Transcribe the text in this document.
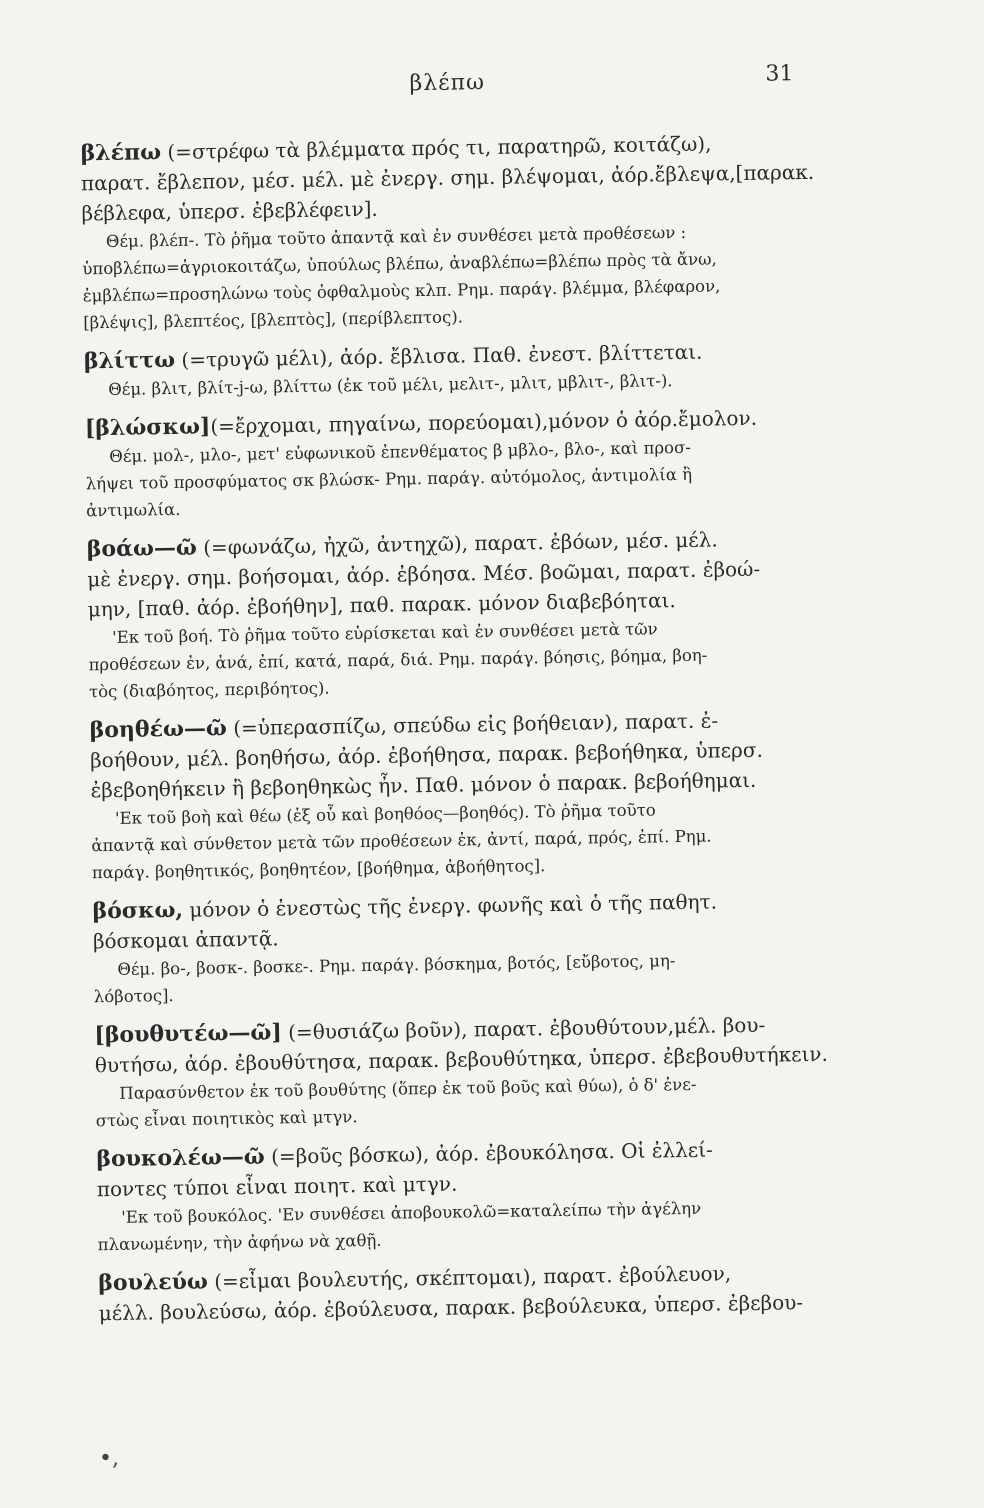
βλέπω	31
βλέπω (=στρέφω τὰ βλέμματα πρός τι, παρατηρῶ, κοιτάζω),
παρατ. ἔβλεπον, μέσ. μέλ. μὲ ἐνεργ. σημ. βλέψομαι, ἀόρ.ἔβλεψα,[παρακ.
βέβλεφα, ὑπερσ. ἐβεβλέφειν].
Θέμ. βλέπ-. Τὸ ῥῆμα τοῦτο ἀπαντᾷ καὶ ἐν συνθέσει μετὰ προθέσεων :
ὑποβλέπω=ἀγριοκοιτάζω, ὑπούλως βλέπω, ἀναβλέπω=βλέπω πρὸς τὰ ἄνω,
ἐμβλέπω=προσηλώνω τοὺς ὀφθαλμοὺς κλπ. Ρημ. παράγ. βλέμμα, βλέφαρον,
[βλέψις], βλεπτέος, [βλεπτὸς], (περίβλεπτος).
βλίττω (=τρυγῶ μέλι), ἀόρ. ἔβλισα. Παθ. ἐνεστ. βλίττεται.
Θέμ. βλιτ, βλίτ-j-ω, βλίττω (ἐκ τοῦ μέλι, μελιτ-, μλιτ, μβλιτ-, βλιτ-).
[βλώσκω](=ἔρχομαι, πηγαίνω, πορεύομαι),μόνον ὁ ἀόρ.ἔμολον.
Θέμ. μολ-, μλο-, μετ' εὐφωνικοῦ ἐπενθέματος β μβλο-, βλο-, καὶ προσ-
λήψει τοῦ προσφύματος σκ βλώσκ- Ρημ. παράγ. αὐτόμολος, ἀντιμολία ἢ
ἀντιμωλία.
βοάω—ῶ (=φωνάζω, ἠχῶ, ἀντηχῶ), παρατ. ἐβόων, μέσ. μέλ.
μὲ ἐνεργ. σημ. βοήσομαι, ἀόρ. ἐβόησα. Μέσ. βοῶμαι, παρατ. ἐβοώ-
μην, [παθ. ἀόρ. ἐβοήθην], παθ. παρακ. μόνον διαβεβόηται.
'Εκ τοῦ βοή. Τὸ ῥῆμα τοῦτο εὑρίσκεται καὶ ἐν συνθέσει μετὰ τῶν
προθέσεων ἐν, ἀνά, ἐπί, κατά, παρά, διά. Ρημ. παράγ. βόησις, βόημα, βοη-
τὸς (διαβόητος, περιβόητος).
βοηθέω—ῶ (=ὑπερασπίζω, σπεύδω εἰς βοήθειαν), παρατ. ἐ-
βοήθουν, μέλ. βοηθήσω, ἀόρ. ἐβοήθησα, παρακ. βεβοήθηκα, ὑπερσ.
ἐβεβοηθήκειν ἢ βεβοηθηκὼς ἦν. Παθ. μόνον ὁ παρακ. βεβοήθημαι.
'Εκ τοῦ βοὴ καὶ θέω (ἐξ οὗ καὶ βοηθόος—βοηθός). Τὸ ῥῆμα τοῦτο
ἀπαντᾷ καὶ σύνθετον μετὰ τῶν προθέσεων ἐκ, ἀντί, παρά, πρός, ἐπί. Ρημ.
παράγ. βοηθητικός, βοηθητέον, [βοήθημα, ἀβοήθητος].
βόσκω, μόνον ὁ ἐνεστὼς τῆς ἐνεργ. φωνῆς καὶ ὁ τῆς παθητ.
βόσκομαι ἀπαντᾷ.
Θέμ. βο-, βοσκ-. βοσκε-. Ρημ. παράγ. βόσκημα, βοτός, [εὔβοτος, μη-
λόβοτος].
[βουθυτέω—ῶ] (=θυσιάζω βοῦν), παρατ. ἐβουθύτουν,μέλ. βου-
θυτήσω, ἀόρ. ἐβουθύτησα, παρακ. βεβουθύτηκα, ὑπερσ. ἐβεβουθυτήκειν.
Παρασύνθετον ἐκ τοῦ βουθύτης (ὅπερ ἐκ τοῦ βοῦς καὶ θύω), ὁ δ' ἐνε-
στὼς εἶναι ποιητικὸς καὶ μτγν.
βουκολέω—ῶ (=βοῦς βόσκω), ἀόρ. ἐβουκόλησα. Οἱ ἐλλεί-
ποντες τύποι εἶναι ποιητ. καὶ μτγν.
'Εκ τοῦ βουκόλος. 'Εν συνθέσει ἀποβουκολῶ=καταλείπω τὴν ἀγέλην
πλανωμένην, τὴν ἀφήνω νὰ χαθῇ.
βουλεύω (=εἶμαι βουλευτής, σκέπτομαι), παρατ. ἐβούλευον,
μέλλ. βουλεύσω, ἀόρ. ἐβούλευσα, παρακ. βεβούλευκα, ὑπερσ. ἐβεβου-
•,
